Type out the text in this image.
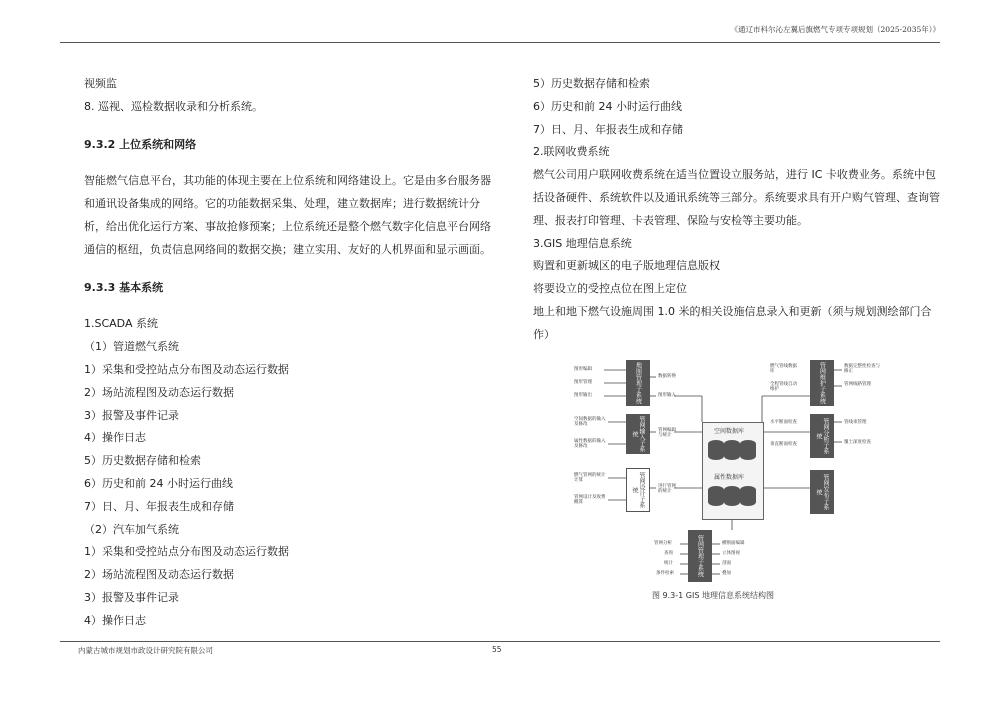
《通辽市科尔沁左翼后旗燃气专项专项规划（2025-2035年）》

视频监

8. 巡视、巡检数据收录和分析系统。

9.3.2 上位系统和网络

智能燃气信息平台，其功能的体现主要在上位系统和网络建设上。它是由多台服务器和通讯设备集成的网络。它的功能数据采集、处理，建立数据库；进行数据统计分析，给出优化运行方案、事故抢修预案；上位系统还是整个燃气数字化信息平台网络通信的枢纽，负责信息网络间的数据交换；建立实用、友好的人机界面和显示画面。

9.3.3 基本系统

1.SCADA 系统

（1）管道燃气系统

1）采集和受控站点分布图及动态运行数据

2）场站流程图及动态运行数据

3）报警及事件记录

4）操作日志

5）历史数据存储和检索

6）历史和前 24 小时运行曲线

7）日、月、年报表生成和存储

（2）汽车加气系统

1）采集和受控站点分布图及动态运行数据

2）场站流程图及动态运行数据

3）报警及事件记录

4）操作日志

5）历史数据存储和检索

6）历史和前 24 小时运行曲线

7）日、月、年报表生成和存储

2.联网收费系统

燃气公司用户联网收费系统在适当位置设立服务站，进行 IC 卡收费业务。系统中包括设备硬件、系统软件以及通讯系统等三部分。系统要求具有开户购气管理、查询管理、报表打印管理、卡表管理、保险与安检等主要功能。

3.GIS 地理信息系统

购置和更新城区的电子版地理信息版权

将要设立的受控点位在图上定位

地上和地下燃气设施周围 1.0 米的相关设施信息录入和更新（须与规划测绘部门合作）

图形编辑
图形管理
图形输出
数据转换
图形输入
空间数据的输入及修改
属性数据的输入及修改
管网编辑与统计
燃气管网的统计计算
管网设计及收费概算
进行管网的统计
地图管理子系统
管网输入子系统
管网设计子系统
空间数据库
属性数据库
燃气管线数据库
全程管线自动维护
数据完整性检查与修正
管网线路管理
水平断面检查
垂直断面检查
管线束管理
覆土深度检查
管网维护子系统
管网分析子系统
管网发布子系统
管网管理子系统
管网分析
查询
统计
条件检索
横断面编辑
立体图视
剖面
叠加
图 9.3-1 GIS 地理信息系统结构图
内蒙古城市规划市政设计研究院有限公司	55
